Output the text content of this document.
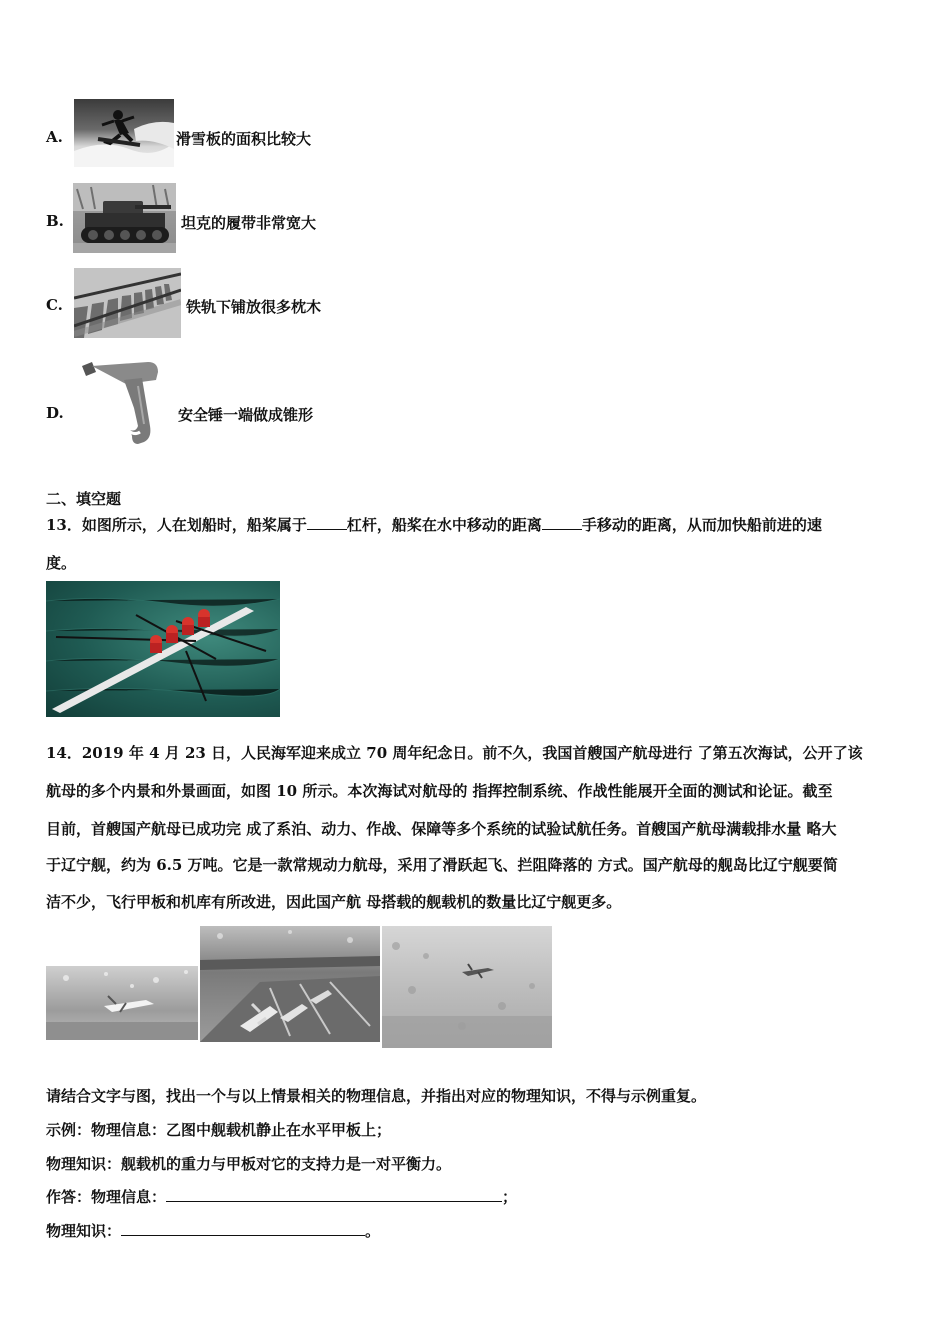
A.	滑雪板的面积比较大
B.	坦克的履带非常宽大
C.	铁轨下铺放很多枕木
D.	安全锤一端做成锥形
二、填空题
13．如图所示，人在划船时，船桨属于	杠杆，船桨在水中移动的距离	手移动的距离，从而加快船前进的速
度。
14．2019 年 4 月 23 日，人民海军迎来成立 70 周年纪念日。前不久，我国首艘国产航母进行 了第五次海试，公开了该
航母的多个内景和外景画面，如图 10 所示。本次海试对航母的 指挥控制系统、作战性能展开全面的测试和论证。截至
目前，首艘国产航母已成功完 成了系泊、动力、作战、保障等多个系统的试验试航任务。首艘国产航母满载排水量 略大
于辽宁舰，约为 6.5 万吨。它是一款常规动力航母，采用了滑跃起飞、拦阻降落的 方式。国产航母的舰岛比辽宁舰要简
洁不少，飞行甲板和机库有所改进，因此国产航 母搭载的舰载机的数量比辽宁舰更多。
请结合文字与图，找出一个与以上情景相关的物理信息，并指出对应的物理知识，不得与示例重复。
示例：物理信息：乙图中舰载机静止在水平甲板上；
物理知识：舰载机的重力与甲板对它的支持力是一对平衡力。
作答：物理信息：	；
物理知识：	。
